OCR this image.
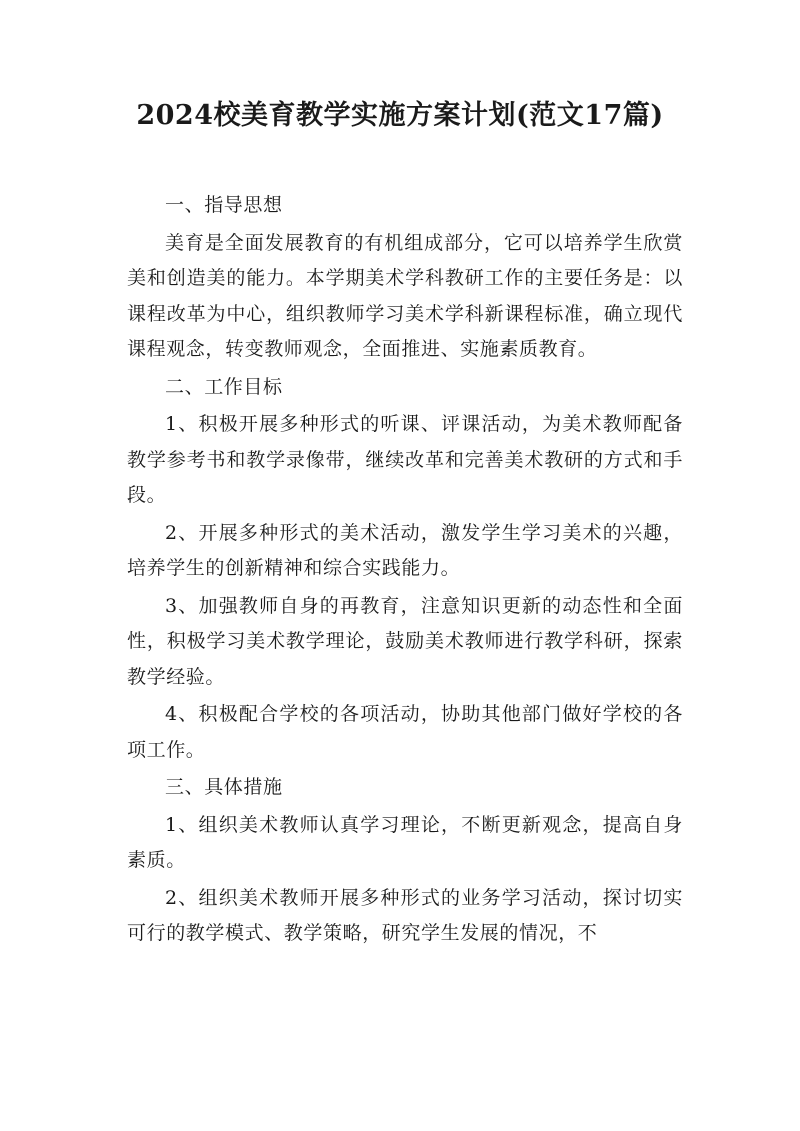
2024校美育教学实施方案计划(范文17篇)

一、指导思想

美育是全面发展教育的有机组成部分，它可以培养学生欣赏美和创造美的能力。本学期美术学科教研工作的主要任务是：以课程改革为中心，组织教师学习美术学科新课程标准，确立现代课程观念，转变教师观念，全面推进、实施素质教育。

二、工作目标

1、积极开展多种形式的听课、评课活动，为美术教师配备教学参考书和教学录像带，继续改革和完善美术教研的方式和手段。

2、开展多种形式的美术活动，激发学生学习美术的兴趣，培养学生的创新精神和综合实践能力。

3、加强教师自身的再教育，注意知识更新的动态性和全面性，积极学习美术教学理论，鼓励美术教师进行教学科研，探索教学经验。

4、积极配合学校的各项活动，协助其他部门做好学校的各项工作。

三、具体措施

1、组织美术教师认真学习理论，不断更新观念，提高自身素质。

2、组织美术教师开展多种形式的业务学习活动，探讨切实可行的教学模式、教学策略，研究学生发展的情况，不
